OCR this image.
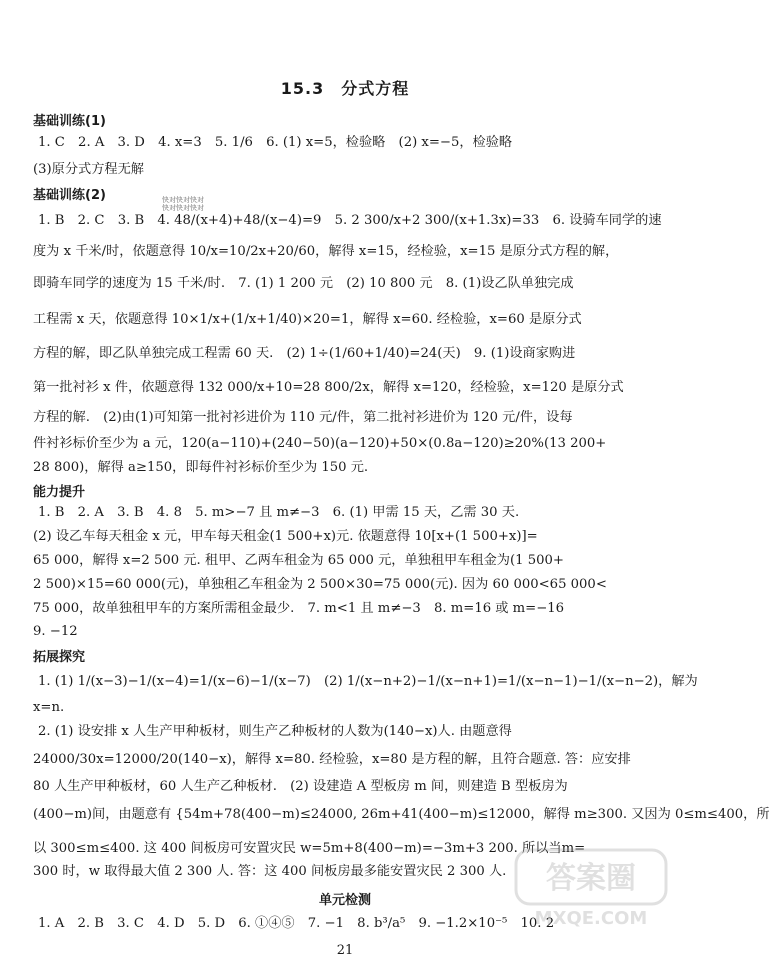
15.3　分式方程
基础训练(1)
1. C　2. A　3. D　4. x=3　5. 1/6　6. (1) x=5，检验略　(2) x=−5，检验略
(3)原分式方程无解
基础训练(2)	快对快对快对
快对快对快对
1. B　2. C　3. B　4. 48/(x+4)+48/(x−4)=9　5. 2 300/x+2 300/(x+1.3x)=33　6. 设骑车同学的速
度为 x 千米/时，依题意得 10/x=10/2x+20/60，解得 x=15，经检验，x=15 是原分式方程的解，
即骑车同学的速度为 15 千米/时.　7. (1) 1 200 元　(2) 10 800 元　8. (1)设乙队单独完成
工程需 x 天，依题意得 10×1/x+(1/x+1/40)×20=1，解得 x=60. 经检验，x=60 是原分式
方程的解，即乙队单独完成工程需 60 天.　(2) 1÷(1/60+1/40)=24(天)　9. (1)设商家购进
第一批衬衫 x 件，依题意得 132 000/x+10=28 800/2x，解得 x=120，经检验，x=120 是原分式
方程的解.　(2)由(1)可知第一批衬衫进价为 110 元/件，第二批衬衫进价为 120 元/件，设每
件衬衫标价至少为 a 元，120(a−110)+(240−50)(a−120)+50×(0.8a−120)≥20%(13 200+
28 800)，解得 a≥150，即每件衬衫标价至少为 150 元.
能力提升
1. B　2. A　3. B　4. 8　5. m>−7 且 m≠−3　6. (1) 甲需 15 天，乙需 30 天.
(2) 设乙车每天租金 x 元，甲车每天租金(1 500+x)元. 依题意得 10[x+(1 500+x)]=
65 000，解得 x=2 500 元. 租甲、乙两车租金为 65 000 元，单独租甲车租金为(1 500+
2 500)×15=60 000(元)，单独租乙车租金为 2 500×30=75 000(元). 因为 60 000<65 000<
75 000，故单独租甲车的方案所需租金最少.　7. m<1 且 m≠−3　8. m=16 或 m=−16
9. −12
拓展探究
1. (1) 1/(x−3)−1/(x−4)=1/(x−6)−1/(x−7)　(2) 1/(x−n+2)−1/(x−n+1)=1/(x−n−1)−1/(x−n−2)，解为
x=n.
2. (1) 设安排 x 人生产甲种板材，则生产乙种板材的人数为(140−x)人. 由题意得
24000/30x=12000/20(140−x)，解得 x=80. 经检验，x=80 是方程的解，且符合题意. 答：应安排
80 人生产甲种板材，60 人生产乙种板材.　(2) 设建造 A 型板房 m 间，则建造 B 型板房为
(400−m)间，由题意有 {54m+78(400−m)≤24000, 26m+41(400−m)≤12000，解得 m≥300. 又因为 0≤m≤400，所
以 300≤m≤400. 这 400 间板房可安置灾民 w=5m+8(400−m)=−3m+3 200. 所以当m=
300 时，w 取得最大值 2 300 人. 答：这 400 间板房最多能安置灾民 2 300 人.
单元检测
1. A　2. B　3. C　4. D　5. D　6. ①④⑤　7. −1　8. b³/a⁵　9. −1.2×10⁻⁵　10. 2
21
答案圈
MXQE.COM
